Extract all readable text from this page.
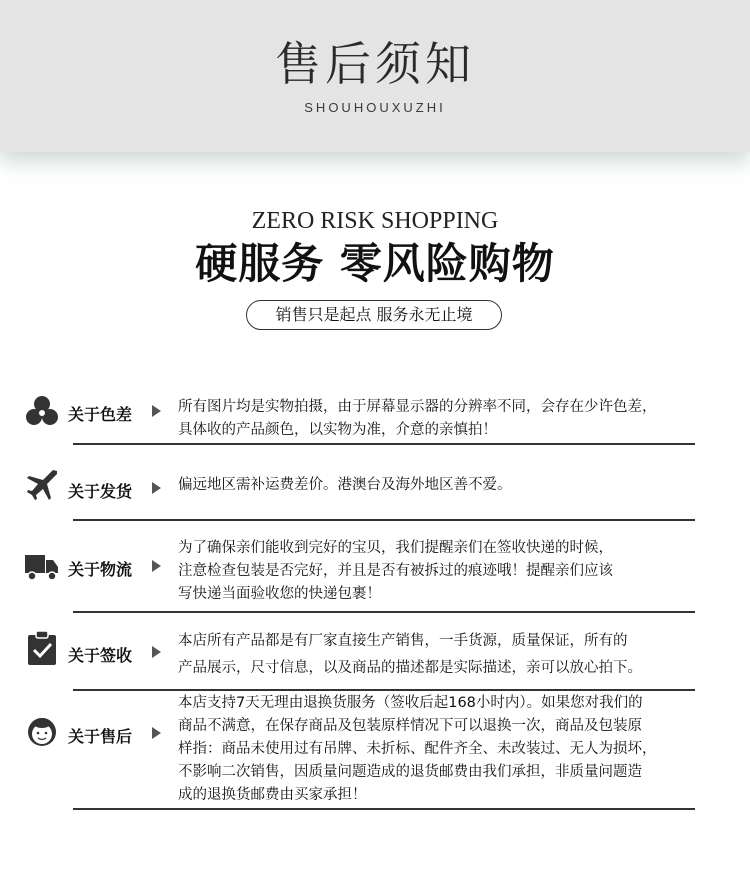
售后须知
SHOUHOUXUZHI
ZERO RISK SHOPPING
硬服务 零风险购物
销售只是起点 服务永无止境
关于色差	所有图片均是实物拍摄，由于屏幕显示器的分辨率不同，会存在少许色差，
具体收的产品颜色，以实物为准，介意的亲慎拍！
关于发货	偏远地区需补运费差价。港澳台及海外地区善不爱。
关于物流
为了确保亲们能收到完好的宝贝，我们提醒亲们在签收快递的时候，
注意检查包装是否完好，并且是否有被拆过的痕迹哦！提醒亲们应该
写快递当面验收您的快递包裹！
关于签收
本店所有产品都是有厂家直接生产销售，一手货源，质量保证，所有的
产品展示，尺寸信息，以及商品的描述都是实际描述，亲可以放心拍下。
关于售后
本店支持7天无理由退换货服务（签收后起168小时内）。如果您对我们的
商品不满意，在保存商品及包装原样情况下可以退换一次，商品及包装原
样指：商品未使用过有吊牌、未折标、配件齐全、未改装过、无人为损坏，
不影响二次销售，因质量问题造成的退货邮费由我们承担，非质量问题造
成的退换货邮费由买家承担！
